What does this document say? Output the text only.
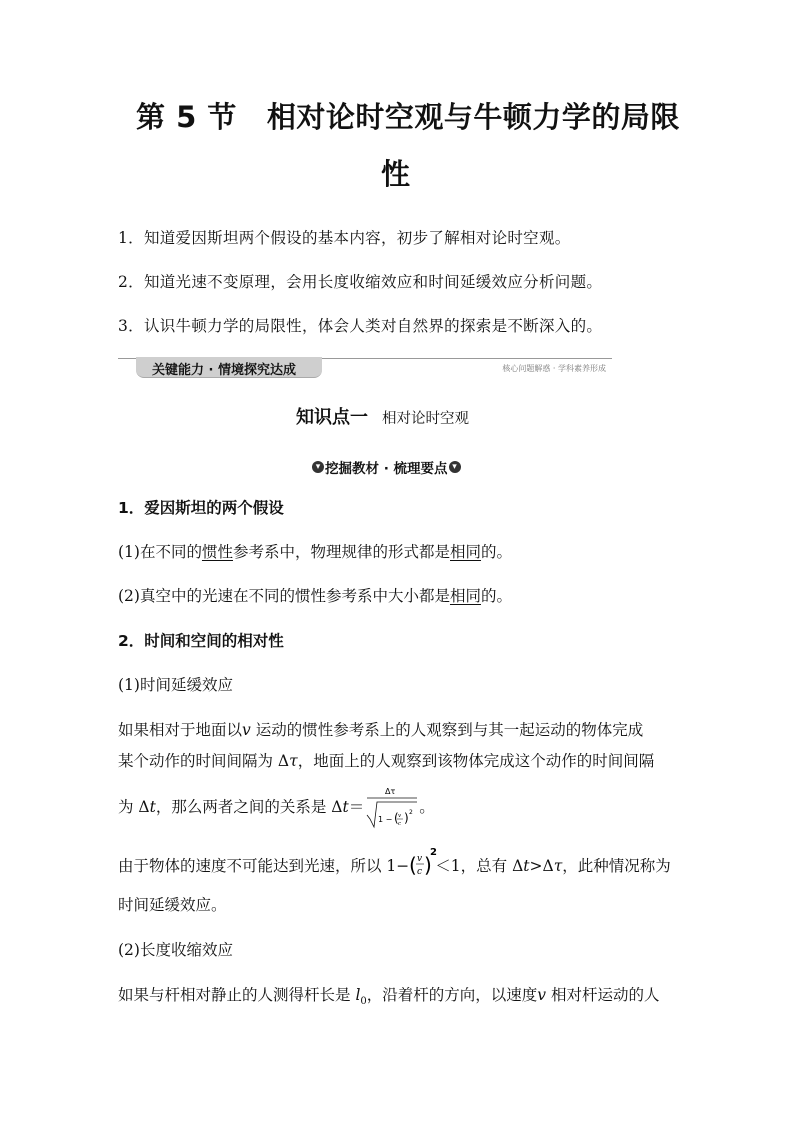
第 5 节 相对论时空观与牛顿力学的局限
性
1．知道爱因斯坦两个假设的基本内容，初步了解相对论时空观。
2．知道光速不变原理，会用长度收缩效应和时间延缓效应分析问题。
3．认识牛顿力学的局限性，体会人类对自然界的探索是不断深入的。
关键能力 · 情境探究达成	核心问题解惑 · 学科素养形成
知识点一 相对论时空观
▾ 挖掘教材 · 梳理要点 ▾
1．爱因斯坦的两个假设
(1)在不同的惯性参考系中，物理规律的形式都是相同的。
(2)真空中的光速在不同的惯性参考系中大小都是相同的。
2．时间和空间的相对性
(1)时间延缓效应
如果相对于地面以v 运动的惯性参考系上的人观察到与其一起运动的物体完成
某个动作的时间间隔为 Δτ，地面上的人观察到该物体完成这个动作的时间间隔
为 Δt，那么两者之间的关系是 Δt＝
Δτ
1 − ( v
c ) 2 。
由于物体的速度不可能达到光速，所以 1− ( v
c )
2
＜1，总有 Δt>Δτ，此种情况称为
时间延缓效应。
(2)长度收缩效应
如果与杆相对静止的人测得杆长是 $l_0$，沿着杆的方向，以速度v 相对杆运动的人
